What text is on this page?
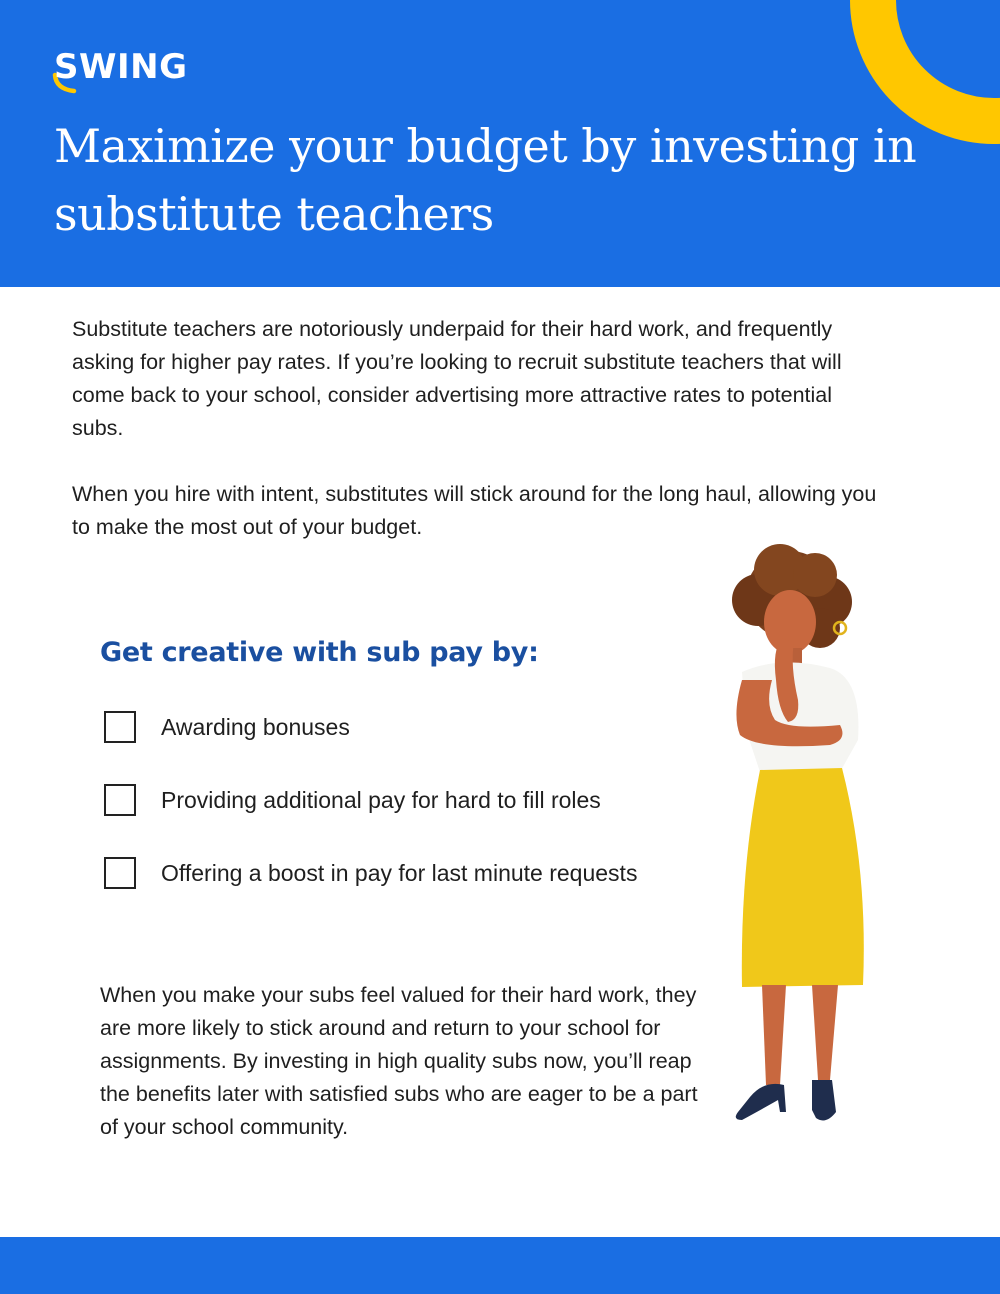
SWING
Maximize your budget by investing in substitute teachers

Substitute teachers are notoriously underpaid for their hard work, and frequently asking for higher pay rates. If you’re looking to recruit substitute teachers that will come back to your school, consider advertising more attractive rates to potential subs.

When you hire with intent, substitutes will stick around for the long haul, allowing you to make the most out of your budget.

Get creative with sub pay by:
Awarding bonuses
Providing additional pay for hard to fill roles
Offering a boost in pay for last minute requests

When you make your subs feel valued for their hard work, they are more likely to stick around and return to your school for assignments. By investing in high quality subs now, you’ll reap the benefits later with satisfied subs who are eager to be a part of your school community.
